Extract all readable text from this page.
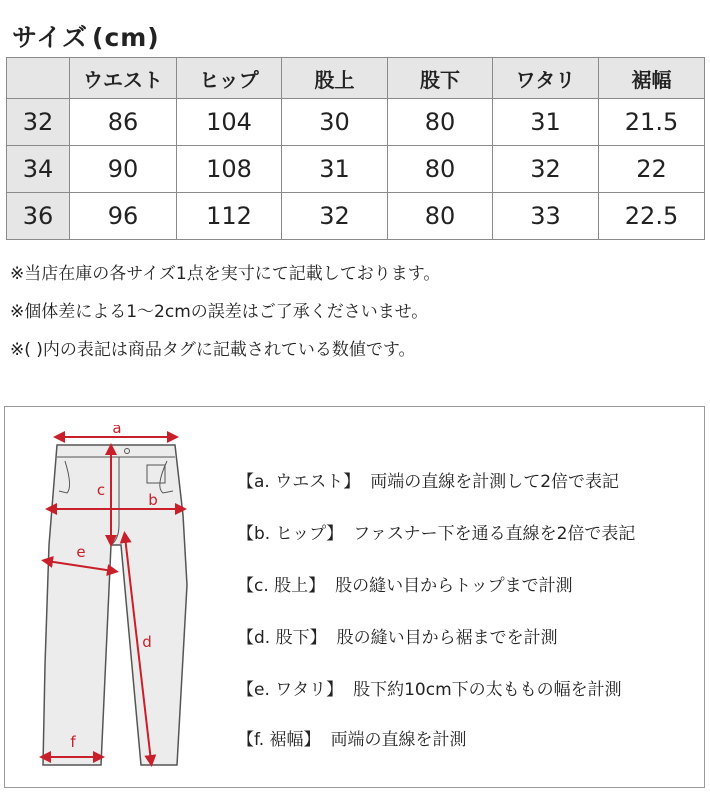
サイズ (cm)
	ウエスト	ヒップ	股上	股下	ワタリ	裾幅
32	86	104	30	80	31	21.5
34	90	108	31	80	32	22
36	96	112	32	80	33	22.5
※当店在庫の各サイズ1点を実寸にて記載しております。
※個体差による1〜2cmの誤差はご了承くださいませ。
※( )内の表記は商品タグに記載されている数値です。
a
c
b
e
d
f
【a. ウエスト】 両端の直線を計測して2倍で表記
【b. ヒップ】 ファスナー下を通る直線を2倍で表記
【c. 股上】 股の縫い目からトップまで計測
【d. 股下】 股の縫い目から裾までを計測
【e. ワタリ】 股下約10cm下の太ももの幅を計測
【f. 裾幅】 両端の直線を計測
